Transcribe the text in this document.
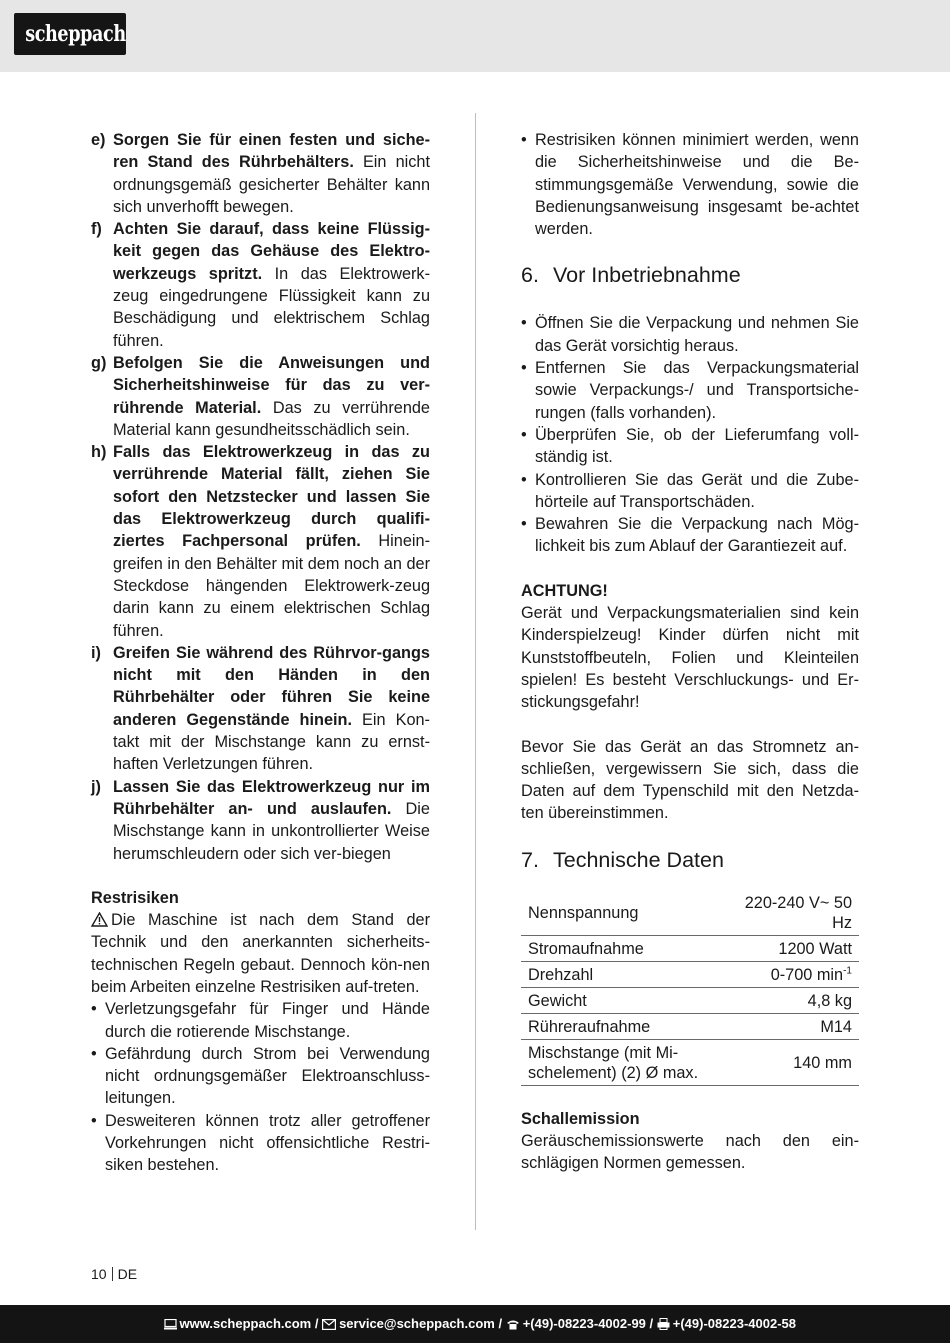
scheppach
e) Sorgen Sie für einen festen und siche-ren Stand des Rührbehälters. Ein nicht ordnungsgemäß gesicherter Behälter kann sich unverhofft bewegen.
f) Achten Sie darauf, dass keine Flüssig-keit gegen das Gehäuse des Elektro-werkzeugs spritzt. In das Elektrowerk-zeug eingedrungene Flüssigkeit kann zu Beschädigung und elektrischem Schlag führen.
g) Befolgen Sie die Anweisungen und Sicherheitshinweise für das zu ver-rührende Material. Das zu verrührende Material kann gesundheitsschädlich sein.
h) Falls das Elektrowerkzeug in das zu verrührende Material fällt, ziehen Sie sofort den Netzstecker und lassen Sie das Elektrowerkzeug durch qualifi-ziertes Fachpersonal prüfen. Hinein-greifen in den Behälter mit dem noch an der Steckdose hängenden Elektrowerk-zeug darin kann zu einem elektrischen Schlag führen.
i) Greifen Sie während des Rührvor-gangs nicht mit den Händen in den Rührbehälter oder führen Sie keine anderen Gegenstände hinein. Ein Kon-takt mit der Mischstange kann zu ernst-haften Verletzungen führen.
j) Lassen Sie das Elektrowerkzeug nur im Rührbehälter an- und auslaufen. Die Mischstange kann in unkontrollierter Weise herumschleudern oder sich ver-biegen
Restrisiken
Die Maschine ist nach dem Stand der Technik und den anerkannten sicherheits-technischen Regeln gebaut. Dennoch kön-nen beim Arbeiten einzelne Restrisiken auf-treten.
• Verletzungsgefahr für Finger und Hände durch die rotierende Mischstange.
• Gefährdung durch Strom bei Verwendung nicht ordnungsgemäßer Elektroanschluss-leitungen.
• Desweiteren können trotz aller getroffener Vorkehrungen nicht offensichtliche Restri-siken bestehen.
• Restrisiken können minimiert werden, wenn die Sicherheitshinweise und die Be-stimmungsgemäße Verwendung, sowie die Bedienungsanweisung insgesamt be-achtet werden.
6. Vor Inbetriebnahme
• Öffnen Sie die Verpackung und nehmen Sie das Gerät vorsichtig heraus.
• Entfernen Sie das Verpackungsmaterial sowie Verpackungs-/ und Transportsiche-rungen (falls vorhanden).
• Überprüfen Sie, ob der Lieferumfang voll-ständig ist.
• Kontrollieren Sie das Gerät und die Zube-hörteile auf Transportschäden.
• Bewahren Sie die Verpackung nach Mög-lichkeit bis zum Ablauf der Garantiezeit auf.
ACHTUNG!
Gerät und Verpackungsmaterialien sind kein Kinderspielzeug! Kinder dürfen nicht mit Kunststoffbeuteln, Folien und Kleinteilen spielen! Es besteht Verschluckungs- und Er-stickungsgefahr!
Bevor Sie das Gerät an das Stromnetz an-schließen, vergewissern Sie sich, dass die Daten auf dem Typenschild mit den Netzda-ten übereinstimmen.
7. Technische Daten
Nennspannung	220-240 V~ 50 Hz
Stromaufnahme	1200 Watt
Drehzahl	0-700 $\min^{-1}$
Gewicht	4,8 kg
Rühreraufnahme	M14
Mischstange (mit Mi-schelement) (2) Ø max.	140 mm
Schallemission
Geräuschemissionswerte nach den ein-schlägigen Normen gemessen.
10 DE
www.scheppach.com / service@scheppach.com / +(49)-08223-4002-99 / +(49)-08223-4002-58
